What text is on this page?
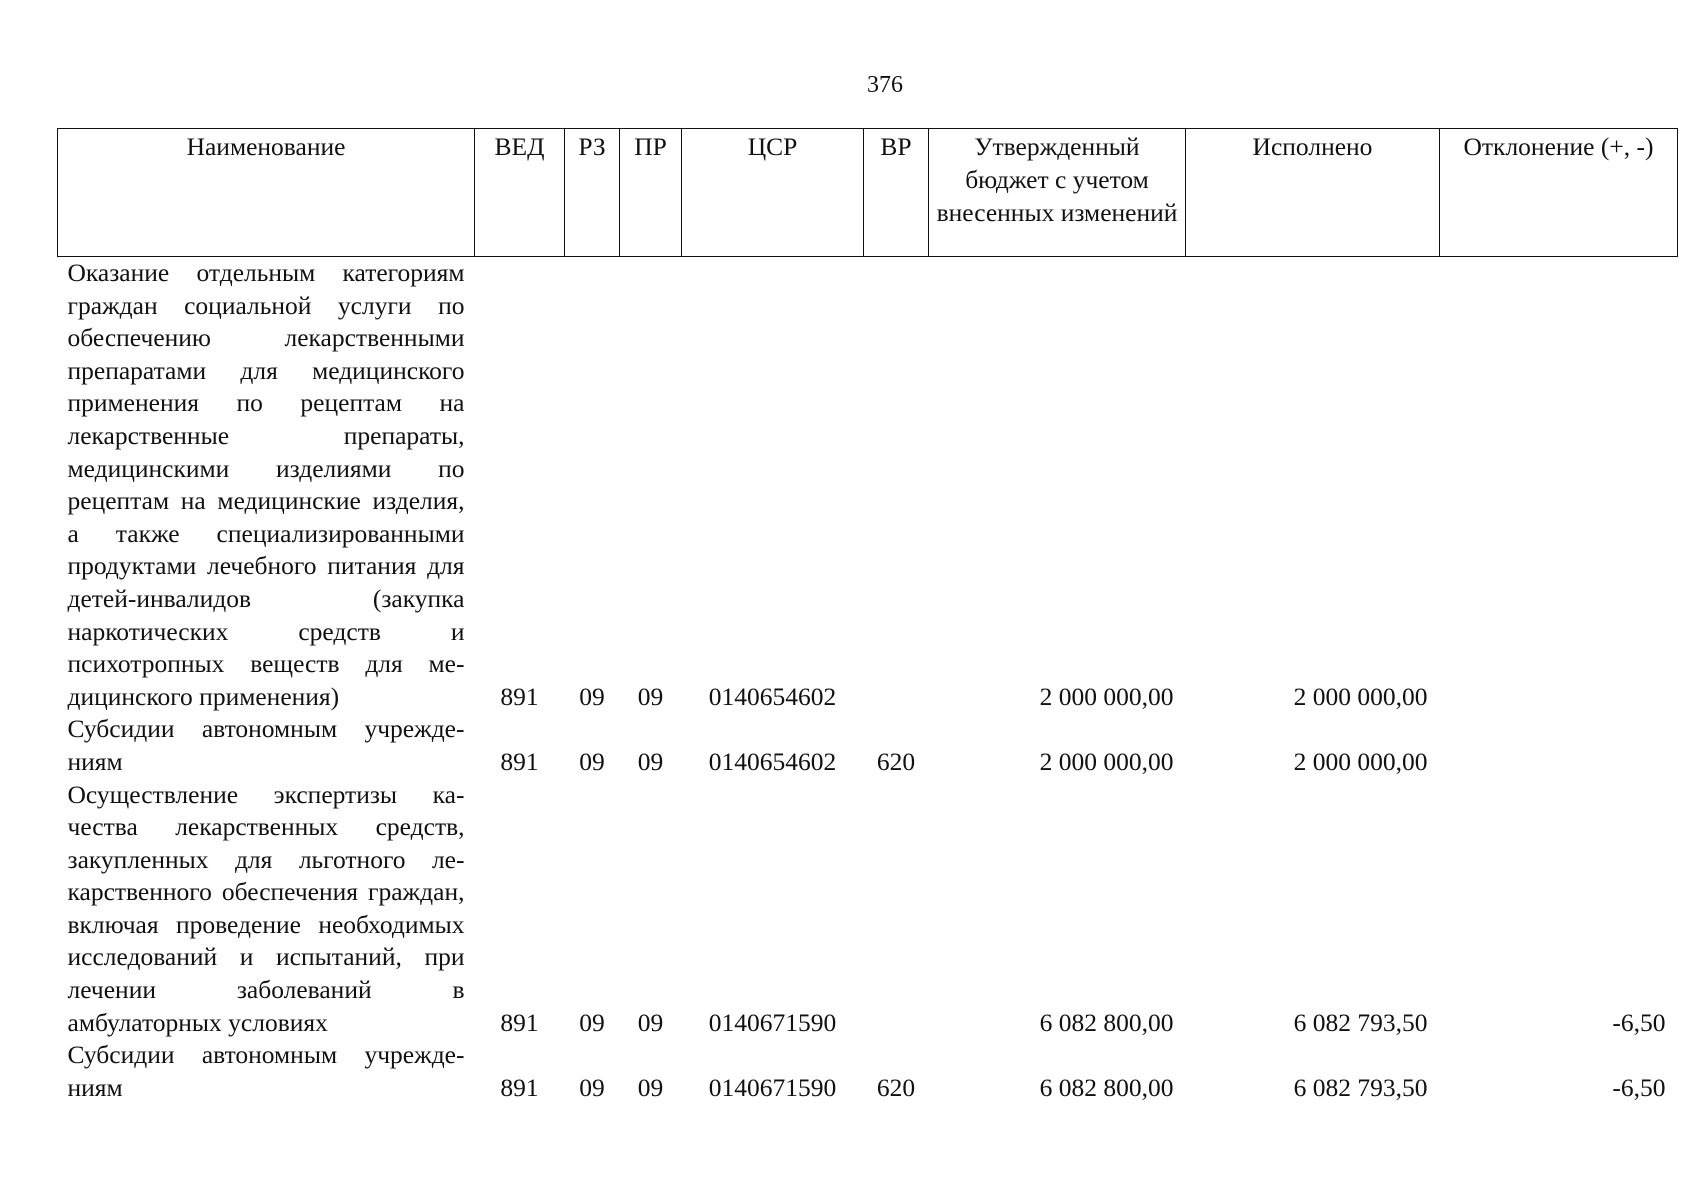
376
Наименование	ВЕД	РЗ	ПР	ЦСР	ВР	Утвержденный бюджет с учетом внесенных изменений	Исполнено	Отклонение (+, -)
Оказание отдельным категориям граждан социальной услуги по обеспечению лекарственными препаратами для медицинского применения по рецептам на лекарственные препараты, медицинскими изделиями по рецептам на медицинские изделия, а также специализированными продуктами лечебного питания для детей-инвалидов (закупка наркотических средств и психотропных веществ для медицинского применения)	891	09	09	0140654602		2 000 000,00	2 000 000,00	
Субсидии автономным учреждениям	891	09	09	0140654602	620	2 000 000,00	2 000 000,00	
Осуществление экспертизы качества лекарственных средств, закупленных для льготного лекарственного обеспечения граждан, включая проведение необходимых исследований и испытаний, при лечении заболеваний в амбулаторных условиях	891	09	09	0140671590		6 082 800,00	6 082 793,50	-6,50
Субсидии автономным учреждениям	891	09	09	0140671590	620	6 082 800,00	6 082 793,50	-6,50
